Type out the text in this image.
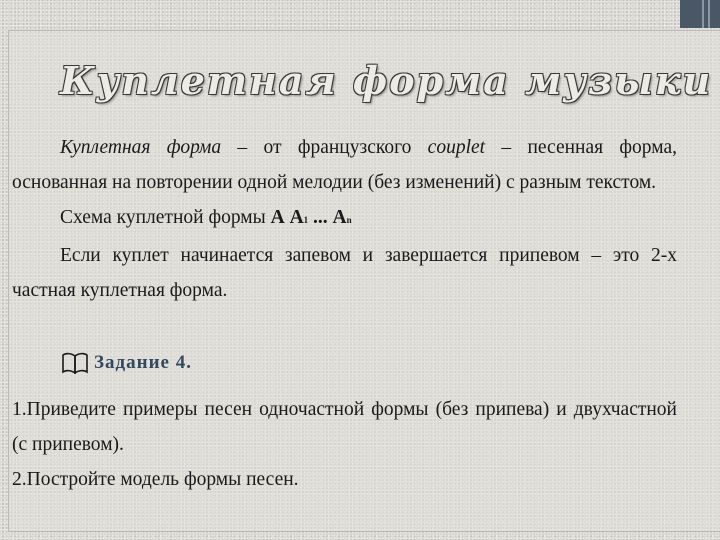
Куплетная форма музыки

Куплетная форма – от французского couplet – песенная форма, основанная на повторении одной мелодии (без изменений) с разным текстом.

Схема куплетной формы А А1 ... Аn

Если куплет начинается запевом и завершается припевом – это 2-х частная куплетная форма.

Задание 4.

1.Приведите примеры песен одночастной формы (без припева) и двухчастной (с припевом).

2.Постройте модель формы песен.
